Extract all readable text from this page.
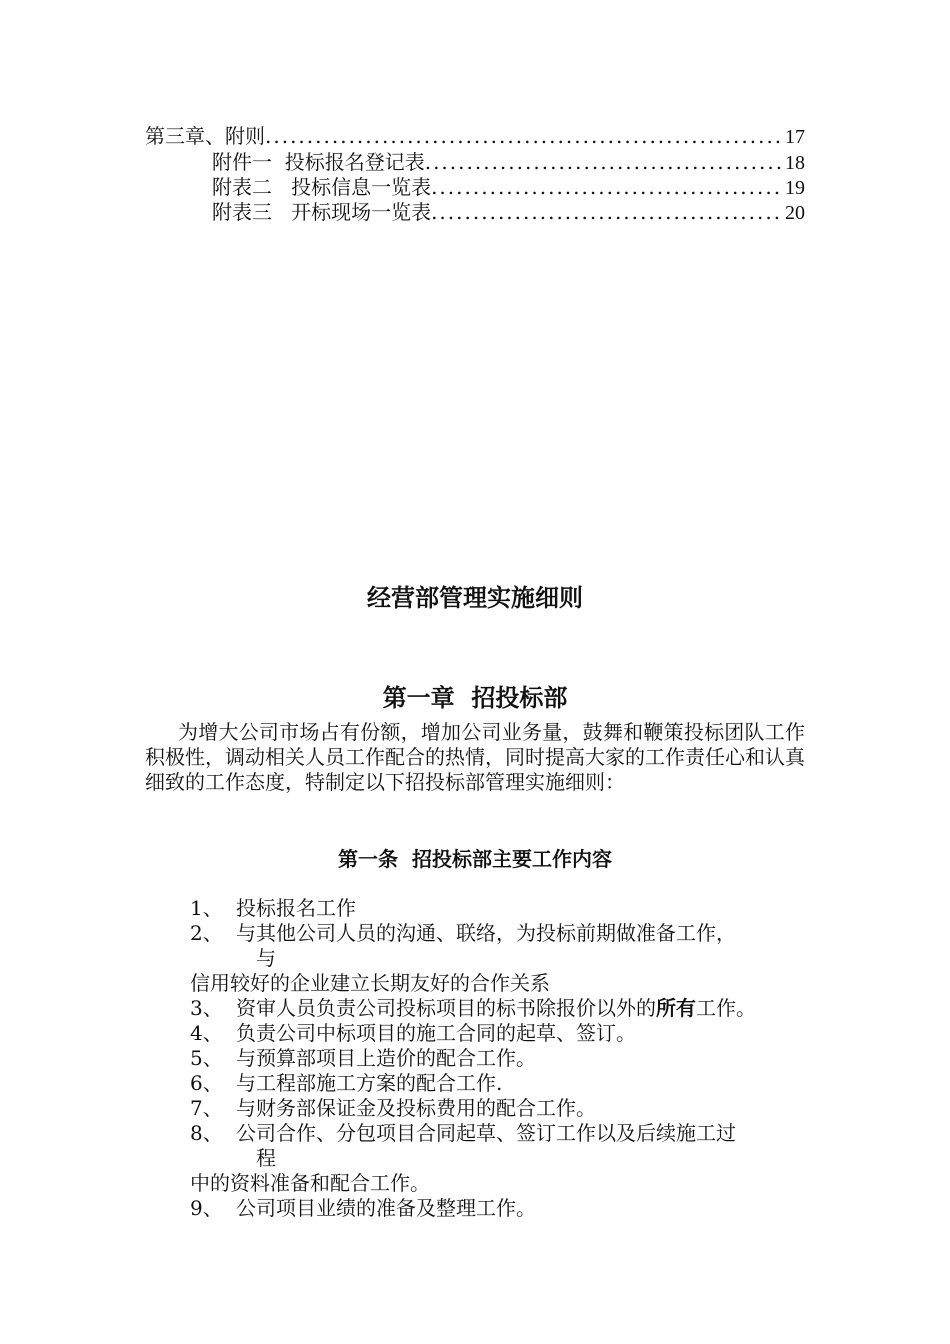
第三章、附则 .....	17
附件一  投标报名登记表 .....	18
附表二   投标信息一览表 .....	19
附表三   开标现场一览表 .....	20
经营部管理实施细则
第一章  招投标部
为增大公司市场占有份额，增加公司业务量，鼓舞和鞭策投标团队工作积极性，调动相关人员工作配合的热情，同时提高大家的工作责任心和认真细致的工作态度，特制定以下招投标部管理实施细则：
第一条  招投标部主要工作内容
1、 投标报名工作
2、 与其他公司人员的沟通、联络，为投标前期做准备工作，
与
信用较好的企业建立长期友好的合作关系
3、 资审人员负责公司投标项目的标书除报价以外的所有工作。
4、 负责公司中标项目的施工合同的起草、签订。
5、 与预算部项目上造价的配合工作。
6、 与工程部施工方案的配合工作.
7、 与财务部保证金及投标费用的配合工作。
8、 公司合作、分包项目合同起草、签订工作以及后续施工过
程
中的资料准备和配合工作。
9、 公司项目业绩的准备及整理工作。
